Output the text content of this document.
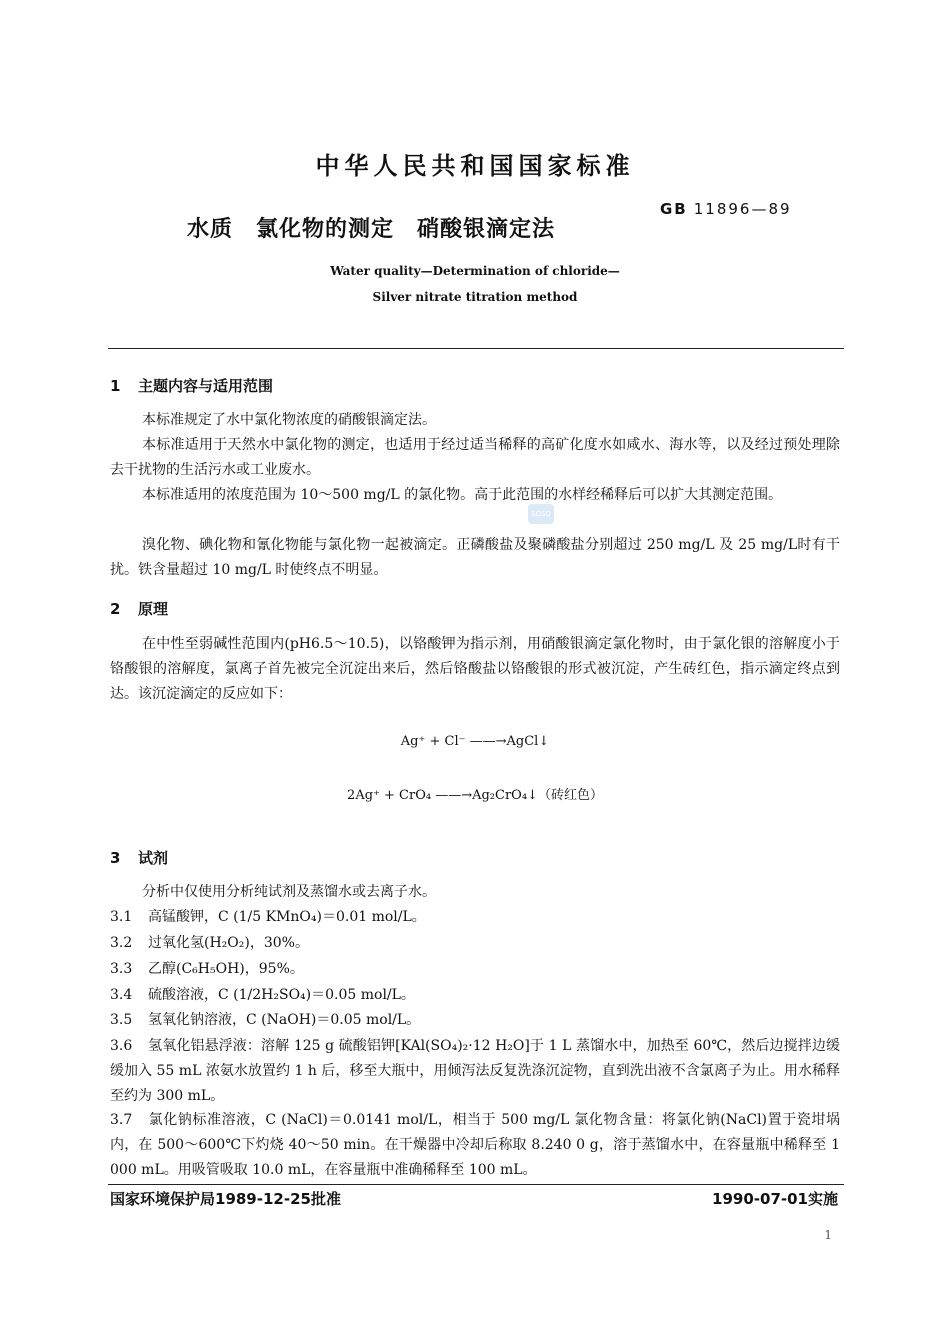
中华人民共和国国家标准
GB 11896—89
水质　氯化物的测定　硝酸银滴定法
Water quality—Determination of chloride—
Silver nitrate titration method
1 主题内容与适用范围

本标准规定了水中氯化物浓度的硝酸银滴定法。

本标准适用于天然水中氯化物的测定，也适用于经过适当稀释的高矿化度水如咸水、海水等，以及经过预处理除去干扰物的生活污水或工业废水。

本标准适用的浓度范围为 10～500 mg/L 的氯化物。高于此范围的水样经稀释后可以扩大其测定范围。

溴化物、碘化物和氰化物能与氯化物一起被滴定。正磷酸盐及聚磷酸盐分别超过 250 mg/L 及 25 mg/L时有干扰。铁含量超过 10 mg/L 时使终点不明显。

SOSO
2 原理

在中性至弱碱性范围内(pH6.5～10.5)，以铬酸钾为指示剂，用硝酸银滴定氯化物时，由于氯化银的溶解度小于铬酸银的溶解度，氯离子首先被完全沉淀出来后，然后铬酸盐以铬酸银的形式被沉淀，产生砖红色，指示滴定终点到达。该沉淀滴定的反应如下：

Ag⁺ + Cl⁻ ——→AgCl↓
2Ag⁺ + CrO₄ ——→Ag₂CrO₄↓（砖红色）
3 试剂

分析中仅使用分析纯试剂及蒸馏水或去离子水。

3.1 高锰酸钾，C (1/5 KMnO₄)＝0.01 mol/L。

3.2 过氧化氢(H₂O₂)，30%。

3.3 乙醇(C₆H₅OH)，95%。

3.4 硫酸溶液，C (1/2H₂SO₄)＝0.05 mol/L。

3.5 氢氧化钠溶液，C (NaOH)＝0.05 mol/L。

3.6 氢氧化铝悬浮液：溶解 125 g 硫酸铝钾[KAl(SO₄)₂·12 H₂O]于 1 L 蒸馏水中，加热至 60℃，然后边搅拌边缓缓加入 55 mL 浓氨水放置约 1 h 后，移至大瓶中，用倾泻法反复洗涤沉淀物，直到洗出液不含氯离子为止。用水稀释至约为 300 mL。

3.7 氯化钠标准溶液，C (NaCl)＝0.0141 mol/L，相当于 500 mg/L 氯化物含量：将氯化钠(NaCl)置于瓷坩埚内，在 500～600℃下灼烧 40～50 min。在干燥器中冷却后称取 8.240 0 g，溶于蒸馏水中，在容量瓶中稀释至 1 000 mL。用吸管吸取 10.0 mL，在容量瓶中准确稀释至 100 mL。

国家环境保护局1989-12-25批准	1990-07-01实施
1
